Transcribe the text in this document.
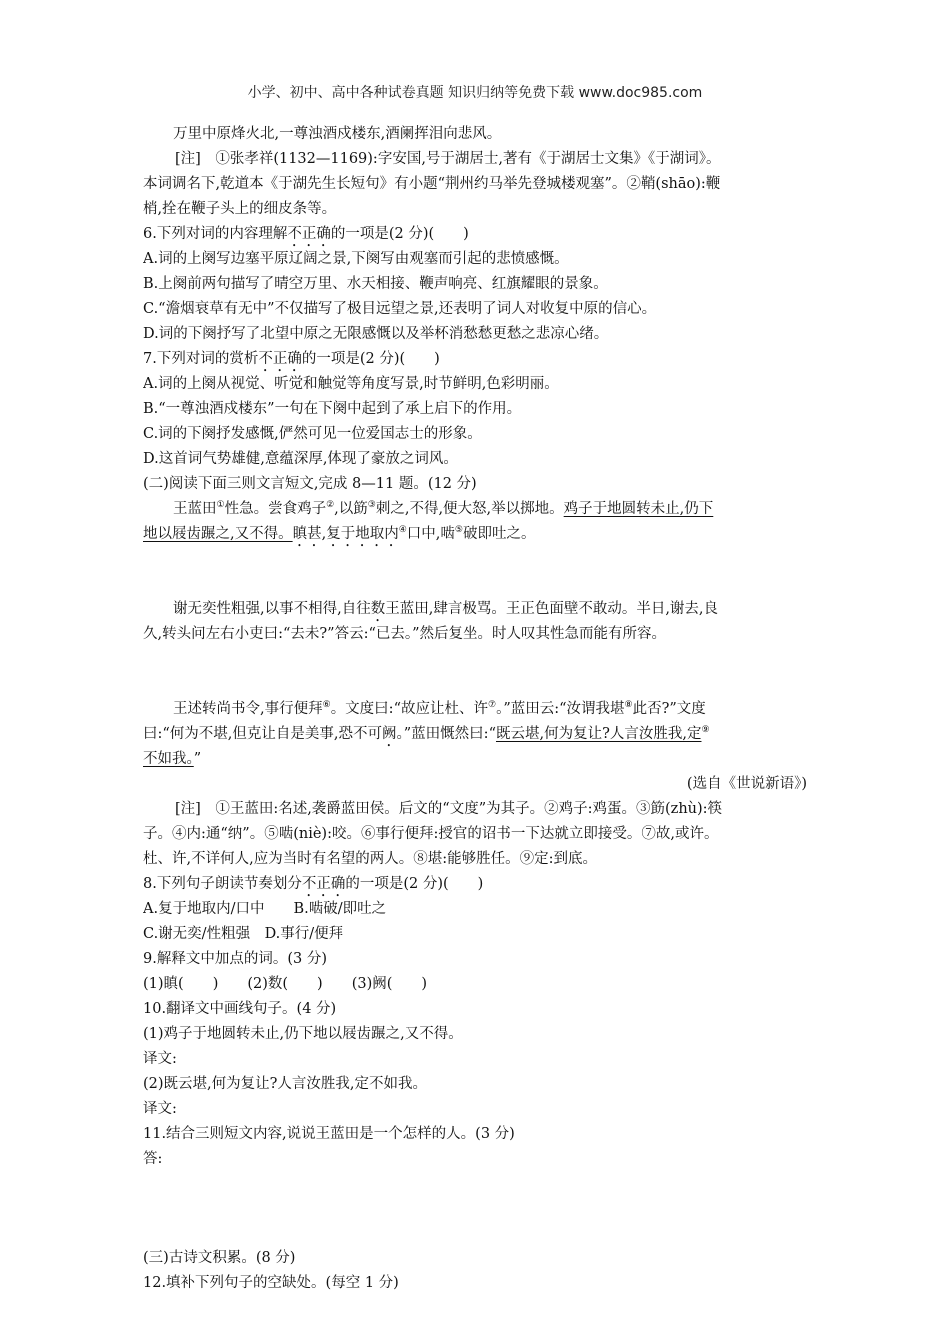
小学、初中、高中各种试卷真题 知识归纳等免费下载 www.doc985.com
万里中原烽火北,一尊浊酒戍楼东,酒阑挥泪向悲风。
[注]　①张孝祥(1132—1169):字安国,号于湖居士,著有《于湖居士文集》《于湖词》。
本词调名下,乾道本《于湖先生长短句》有小题“荆州约马举先登城楼观塞”。②鞘(shāo):鞭
梢,拴在鞭子头上的细皮条等。
6.下列对词的内容理解不正确的一项是(2 分)(　　)
A.词的上阕写边塞平原辽阔之景,下阕写由观塞而引起的悲愤感慨。
B.上阕前两句描写了晴空万里、水天相接、鞭声响亮、红旗耀眼的景象。
C.“澹烟衰草有无中”不仅描写了极目远望之景,还表明了词人对收复中原的信心。
D.词的下阕抒写了北望中原之无限感慨以及举杯消愁愁更愁之悲凉心绪。
7.下列对词的赏析不正确的一项是(2 分)(　　)
A.词的上阕从视觉、听觉和触觉等角度写景,时节鲜明,色彩明丽。
B.“一尊浊酒戍楼东”一句在下阕中起到了承上启下的作用。
C.词的下阕抒发感慨,俨然可见一位爱国志士的形象。
D.这首词气势雄健,意蕴深厚,体现了豪放之词风。
(二)阅读下面三则文言短文,完成 8—11 题。(12 分)
王蓝田①性急。尝食鸡子②,以筯③刺之,不得,便大怒,举以掷地。鸡子于地圆转未止,仍下
地以屐齿蹍之,又不得。瞋甚,复于地取内④口中,啮⑤破即吐之。
谢无奕性粗强,以事不相得,自往数王蓝田,肆言极骂。王正色面壁不敢动。半日,谢去,良
久,转头问左右小吏曰:“去未?”答云:“已去。”然后复坐。时人叹其性急而能有所容。
王述转尚书令,事行便拜⑥。文度曰:“故应让杜、许⑦。”蓝田云:“汝谓我堪⑧此否?”文度
曰:“何为不堪,但克让自是美事,恐不可阙。”蓝田慨然曰:“既云堪,何为复让?人言汝胜我,定⑨
不如我。”
(选自《世说新语》)
[注]　①王蓝田:名述,袭爵蓝田侯。后文的“文度”为其子。②鸡子:鸡蛋。③筯(zhù):筷
子。④内:通“纳”。⑤啮(niè):咬。⑥事行便拜:授官的诏书一下达就立即接受。⑦故,或许。
杜、许,不详何人,应为当时有名望的两人。⑧堪:能够胜任。⑨定:到底。
8.下列句子朗读节奏划分不正确的一项是(2 分)(　　)
A.复于地取内/口中　　B.啮破/即吐之
C.谢无奕/性粗强　D.事行/便拜
9.解释文中加点的词。(3 分)
(1)瞋(　　)　　(2)数(　　)　　(3)阙(　　)
10.翻译文中画线句子。(4 分)
(1)鸡子于地圆转未止,仍下地以屐齿蹍之,又不得。
译文:
(2)既云堪,何为复让?人言汝胜我,定不如我。
译文:
11.结合三则短文内容,说说王蓝田是一个怎样的人。(3 分)
答:
(三)古诗文积累。(8 分)
12.填补下列句子的空缺处。(每空 1 分)
